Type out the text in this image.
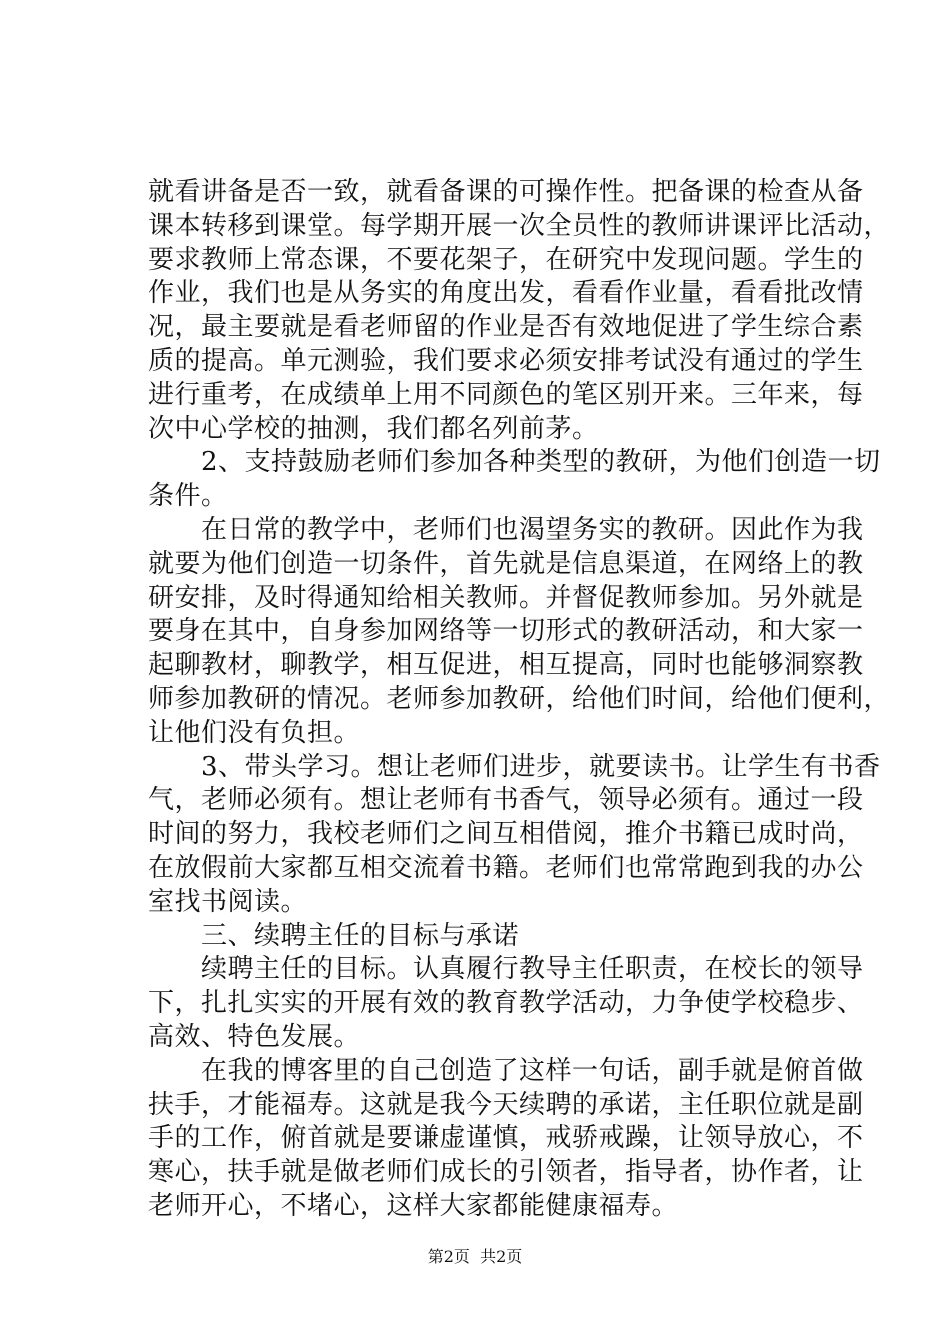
就看讲备是否一致，就看备课的可操作性。把备课的检查从备
课本转移到课堂。每学期开展一次全员性的教师讲课评比活动，
要求教师上常态课，不要花架子，在研究中发现问题。学生的
作业，我们也是从务实的角度出发，看看作业量，看看批改情
况，最主要就是看老师留的作业是否有效地促进了学生综合素
质的提高。单元测验，我们要求必须安排考试没有通过的学生
进行重考，在成绩单上用不同颜色的笔区别开来。三年来，每
次中心学校的抽测，我们都名列前茅。
　　2、支持鼓励老师们参加各种类型的教研，为他们创造一切
条件。
　　在日常的教学中，老师们也渴望务实的教研。因此作为我
就要为他们创造一切条件，首先就是信息渠道，在网络上的教
研安排，及时得通知给相关教师。并督促教师参加。另外就是
要身在其中，自身参加网络等一切形式的教研活动，和大家一
起聊教材，聊教学，相互促进，相互提高，同时也能够洞察教
师参加教研的情况。老师参加教研，给他们时间，给他们便利，
让他们没有负担。
　　3、带头学习。想让老师们进步，就要读书。让学生有书香
气，老师必须有。想让老师有书香气，领导必须有。通过一段
时间的努力，我校老师们之间互相借阅，推介书籍已成时尚，
在放假前大家都互相交流着书籍。老师们也常常跑到我的办公
室找书阅读。
　　三、续聘主任的目标与承诺
　　续聘主任的目标。认真履行教导主任职责，在校长的领导
下，扎扎实实的开展有效的教育教学活动，力争使学校稳步、
高效、特色发展。
　　在我的博客里的自己创造了这样一句话，副手就是俯首做
扶手，才能福寿。这就是我今天续聘的承诺，主任职位就是副
手的工作，俯首就是要谦虚谨慎，戒骄戒躁，让领导放心，不
寒心，扶手就是做老师们成长的引领者，指导者，协作者，让
老师开心，不堵心，这样大家都能健康福寿。
第2页  共2页
